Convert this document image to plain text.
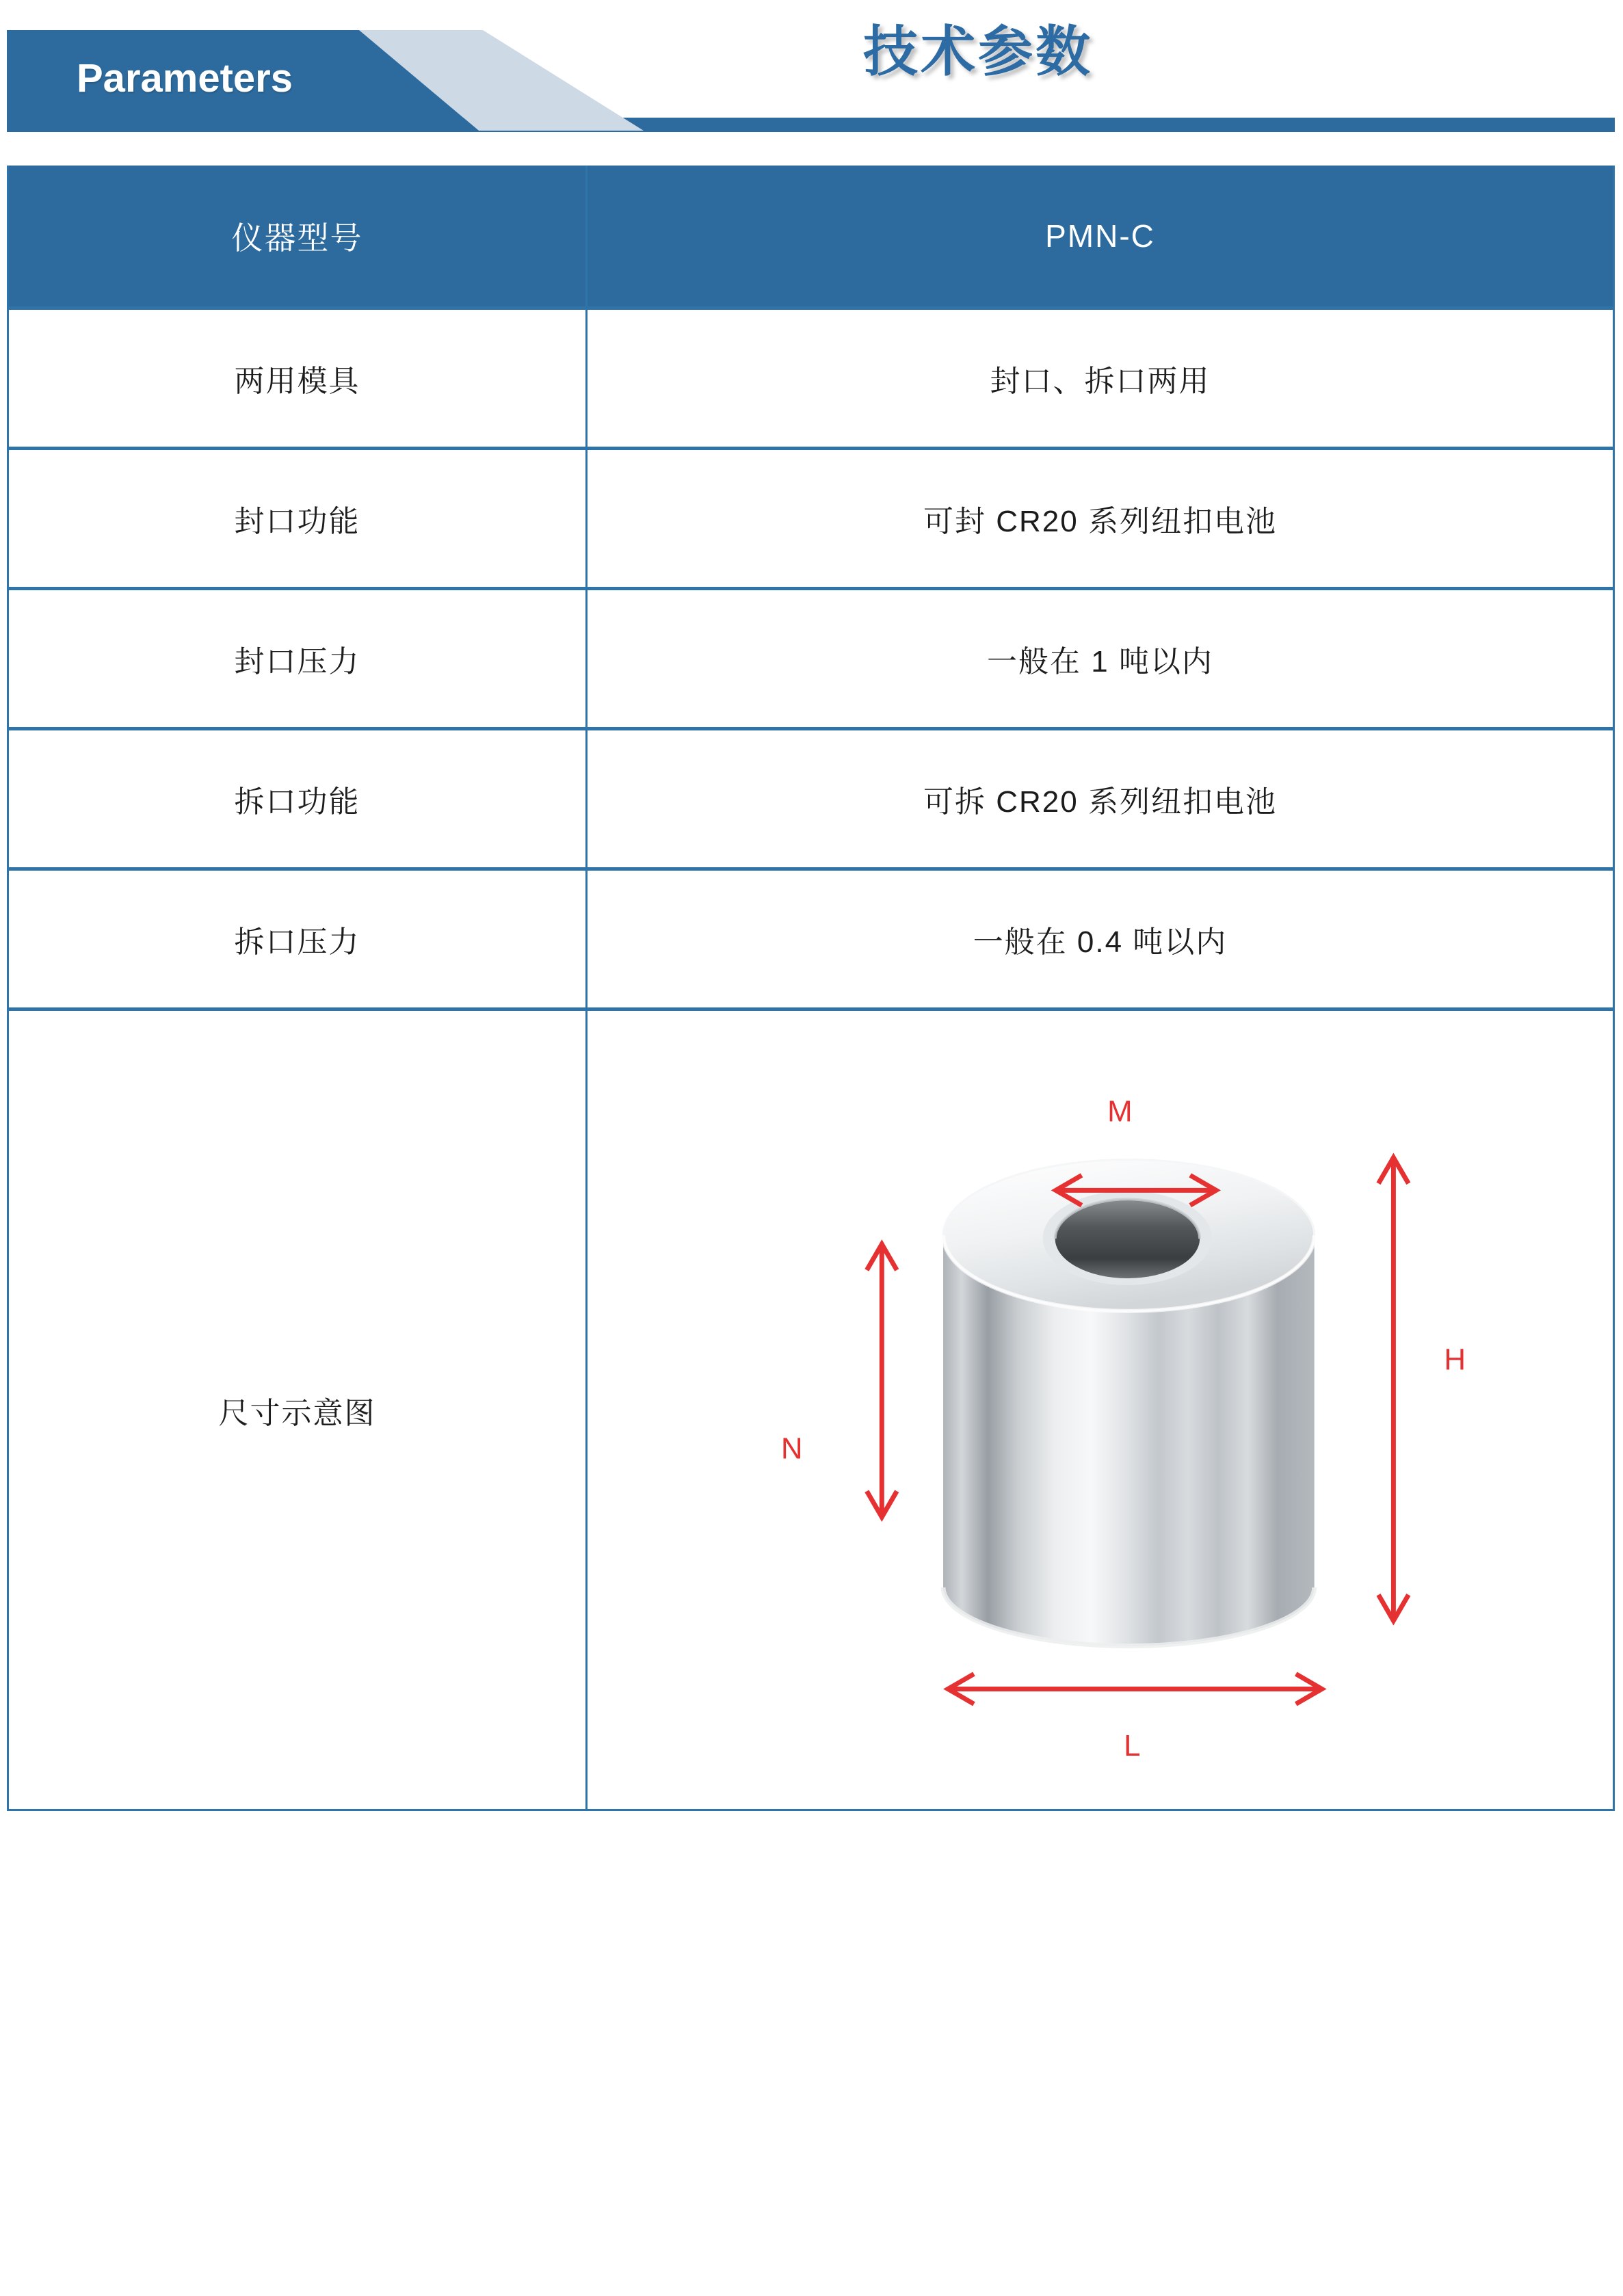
Parameters	技术参数
仪器型号	PMN-C
两用模具	封口、拆口两用
封口功能	可封 CR20 系列纽扣电池
封口压力	一般在 1 吨以内
拆口功能	可拆 CR20 系列纽扣电池
拆口压力	一般在 0.4 吨以内
尺寸示意图
M
N
H
L
